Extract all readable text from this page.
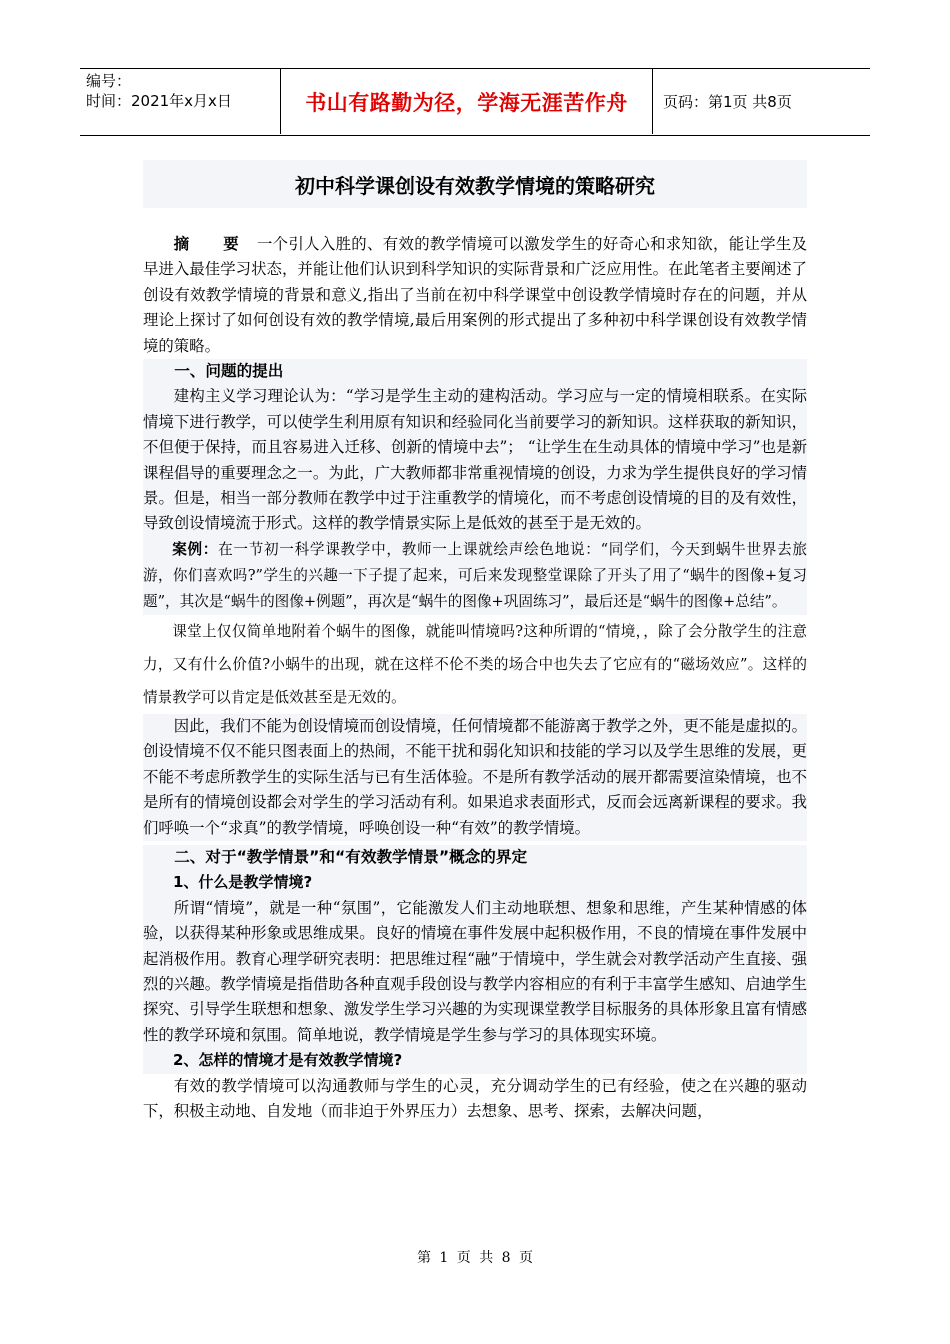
编号：
时间：2021年x月x日	书山有路勤为径，学海无涯苦作舟	页码：第1页 共8页
初中科学课创设有效教学情境的策略研究

摘 要 一个引人入胜的、有效的教学情境可以激发学生的好奇心和求知欲，能让学生及早进入最佳学习状态，并能让他们认识到科学知识的实际背景和广泛应用性。在此笔者主要阐述了创设有效教学情境的背景和意义,指出了当前在初中科学课堂中创设教学情境时存在的问题，并从理论上探讨了如何创设有效的教学情境,最后用案例的形式提出了多种初中科学课创设有效教学情境的策略。

一、问题的提出

建构主义学习理论认为：“学习是学生主动的建构活动。学习应与一定的情境相联系。在实际情境下进行教学，可以使学生利用原有知识和经验同化当前要学习的新知识。这样获取的新知识，不但便于保持，而且容易进入迁移、创新的情境中去”； “让学生在生动具体的情境中学习”也是新课程倡导的重要理念之一。为此，广大教师都非常重视情境的创设，力求为学生提供良好的学习情景。但是，相当一部分教师在教学中过于注重教学的情境化，而不考虑创设情境的目的及有效性，导致创设情境流于形式。这样的教学情景实际上是低效的甚至于是无效的。

案例：在一节初一科学课教学中，教师一上课就绘声绘色地说：“同学们，今天到蜗牛世界去旅游，你们喜欢吗?”学生的兴趣一下子提了起来，可后来发现整堂课除了开头了用了“蜗牛的图像+复习题”，其次是“蜗牛的图像+例题”，再次是“蜗牛的图像+巩固练习”，最后还是“蜗牛的图像+总结”。

课堂上仅仅简单地附着个蜗牛的图像，就能叫情境吗?这种所谓的“情境，，除了会分散学生的注意力，又有什么价值?小蜗牛的出现，就在这样不伦不类的场合中也失去了它应有的“磁场效应”。这样的情景教学可以肯定是低效甚至是无效的。

因此，我们不能为创设情境而创设情境，任何情境都不能游离于教学之外，更不能是虚拟的。创设情境不仅不能只图表面上的热闹，不能干扰和弱化知识和技能的学习以及学生思维的发展，更不能不考虑所教学生的实际生活与已有生活体验。不是所有教学活动的展开都需要渲染情境，也不是所有的情境创设都会对学生的学习活动有利。如果追求表面形式，反而会远离新课程的要求。我们呼唤一个“求真”的教学情境，呼唤创设一种“有效”的教学情境。

二、对于“教学情景”和“有效教学情景”概念的界定

1、什么是教学情境?

所谓“情境”，就是一种“氛围”，它能激发人们主动地联想、想象和思维，产生某种情感的体验，以获得某种形象或思维成果。良好的情境在事件发展中起积极作用，不良的情境在事件发展中起消极作用。教育心理学研究表明：把思维过程“融”于情境中，学生就会对教学活动产生直接、强烈的兴趣。教学情境是指借助各种直观手段创设与教学内容相应的有利于丰富学生感知、启迪学生探究、引导学生联想和想象、激发学生学习兴趣的为实现课堂教学目标服务的具体形象且富有情感性的教学环境和氛围。简单地说，教学情境是学生参与学习的具体现实环境。

2、怎样的情境才是有效教学情境?

有效的教学情境可以沟通教师与学生的心灵，充分调动学生的已有经验，使之在兴趣的驱动下，积极主动地、自发地（而非迫于外界压力）去想象、思考、探索，去解决问题，

第 1 页 共 8 页
